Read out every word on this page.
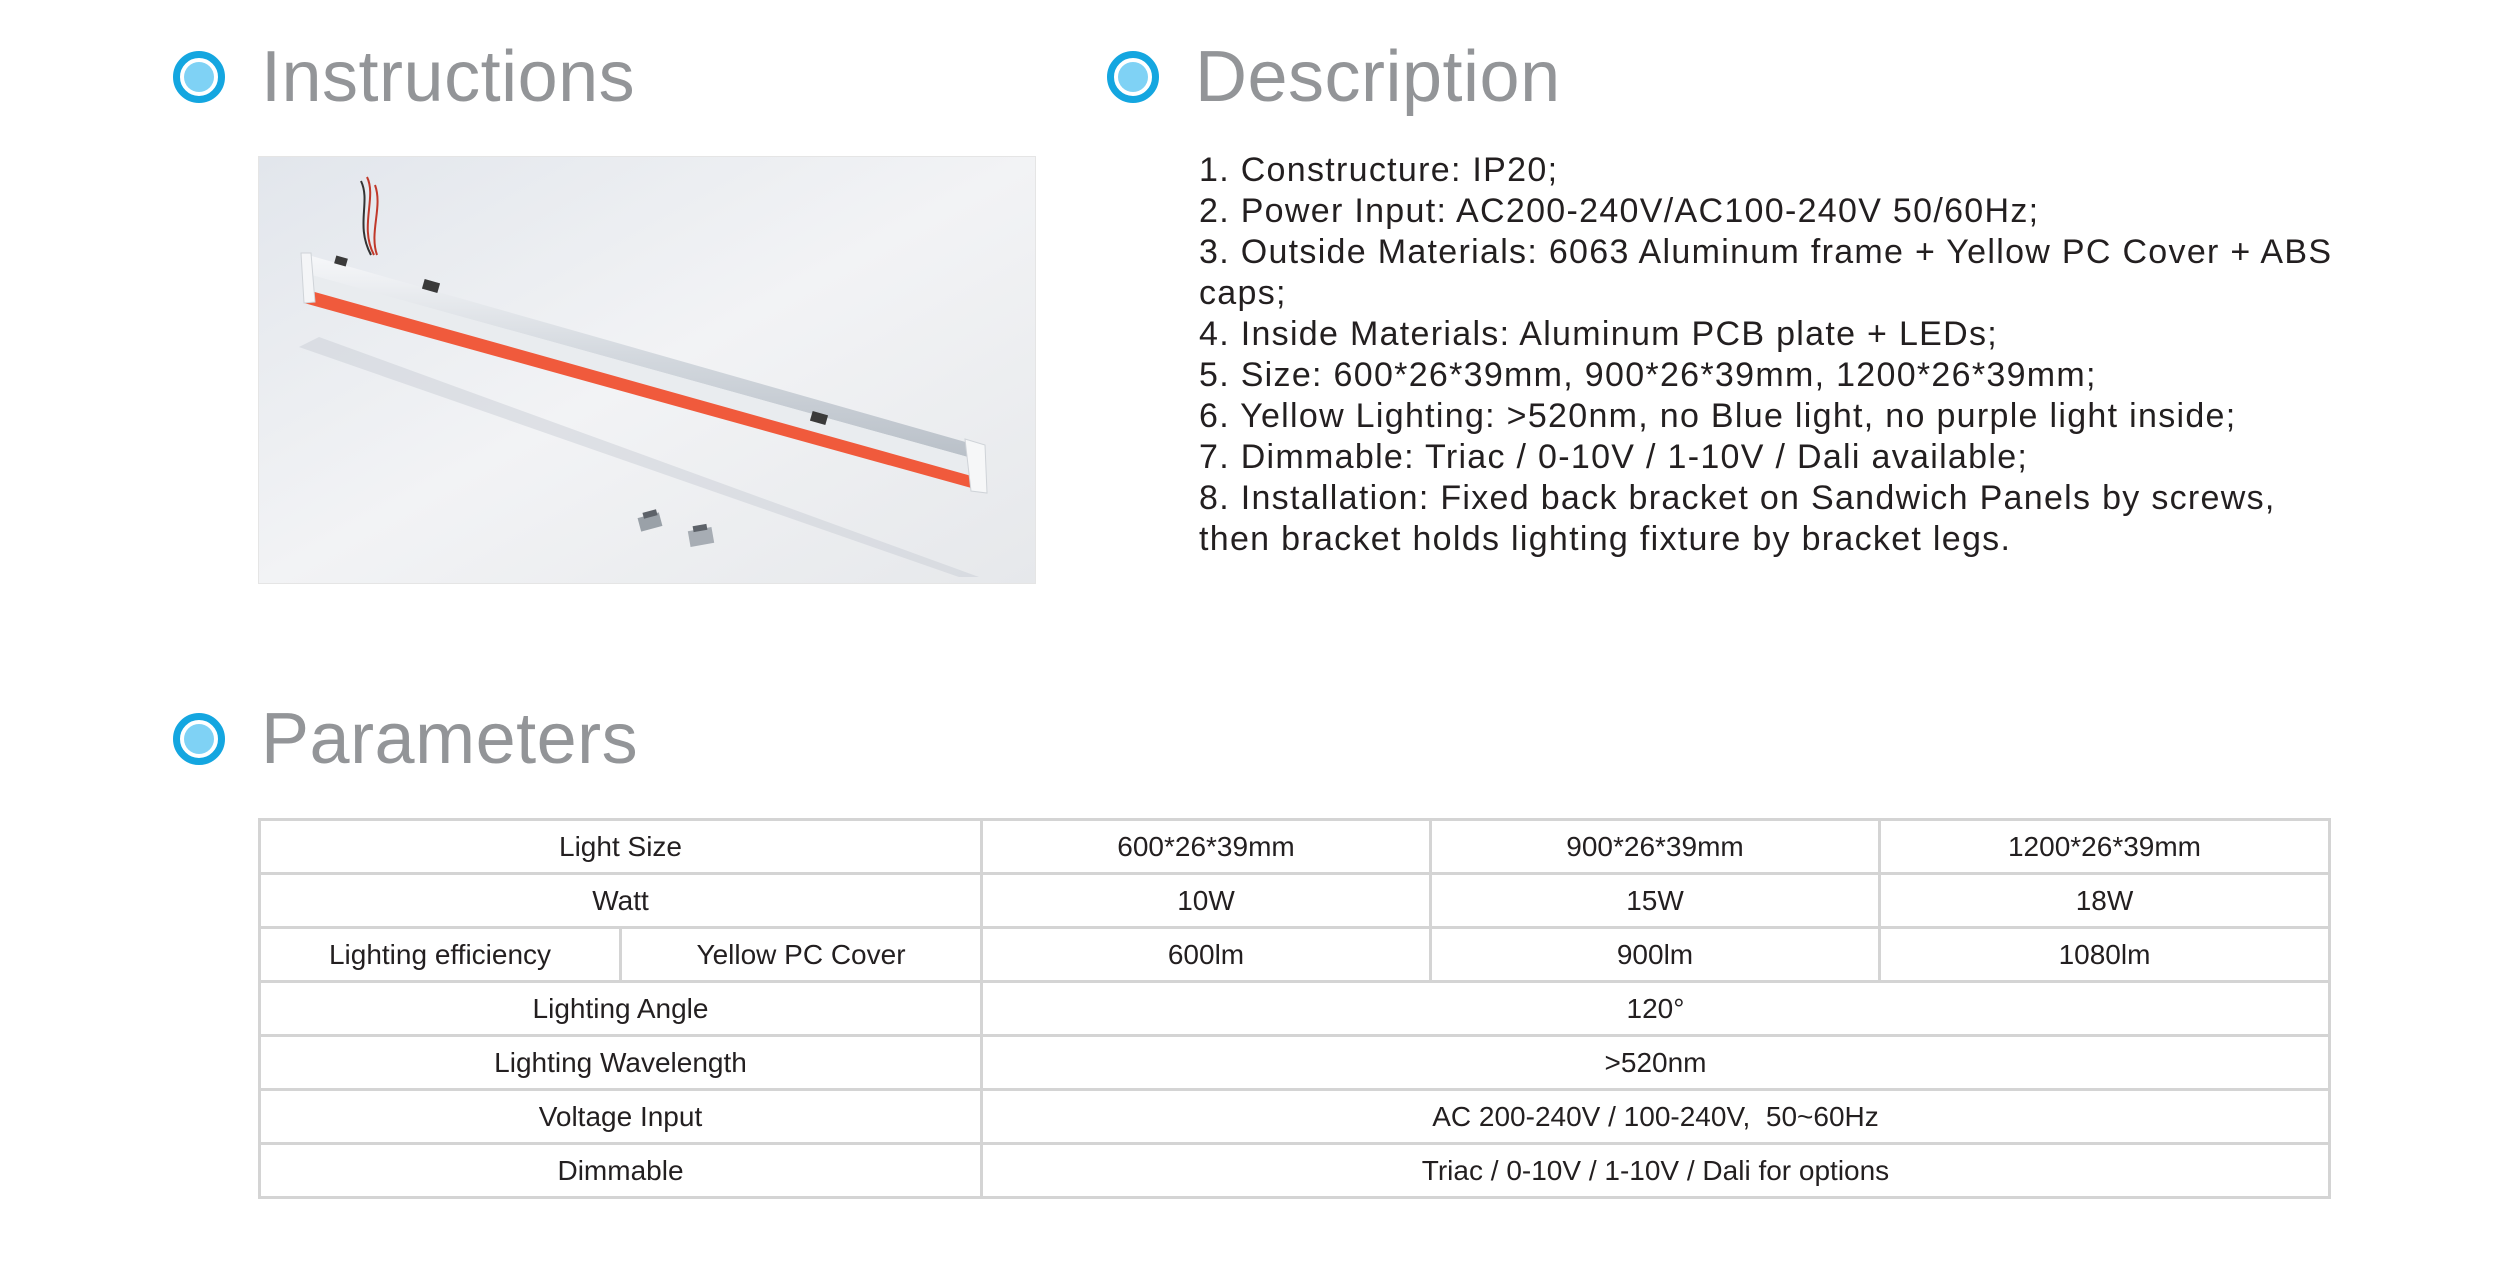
Instructions	Description
1. Constructure: IP20;
2. Power Input: AC200-240V/AC100-240V 50/60Hz;
3. Outside Materials: 6063 Aluminum frame + Yellow PC Cover + ABS caps;
4. Inside Materials: Aluminum PCB plate + LEDs;
5. Size: 600*26*39mm, 900*26*39mm, 1200*26*39mm;
6. Yellow Lighting: >520nm, no Blue light, no purple light inside;
7. Dimmable: Triac / 0-10V / 1-10V / Dali available;
8. Installation: Fixed back bracket on Sandwich Panels by screws, then bracket holds lighting fixture by bracket legs.
Parameters
Light Size		600*26*39mm	900*26*39mm	1200*26*39mm
Watt		10W	15W	18W
Lighting efficiency	Yellow PC Cover	600lm	900lm	1080lm
Lighting Angle		120°		
Lighting Wavelength		>520nm		
Voltage Input		AC 200-240V / 100-240V,  50~60Hz		
Dimmable		Triac / 0-10V / 1-10V / Dali for options		
